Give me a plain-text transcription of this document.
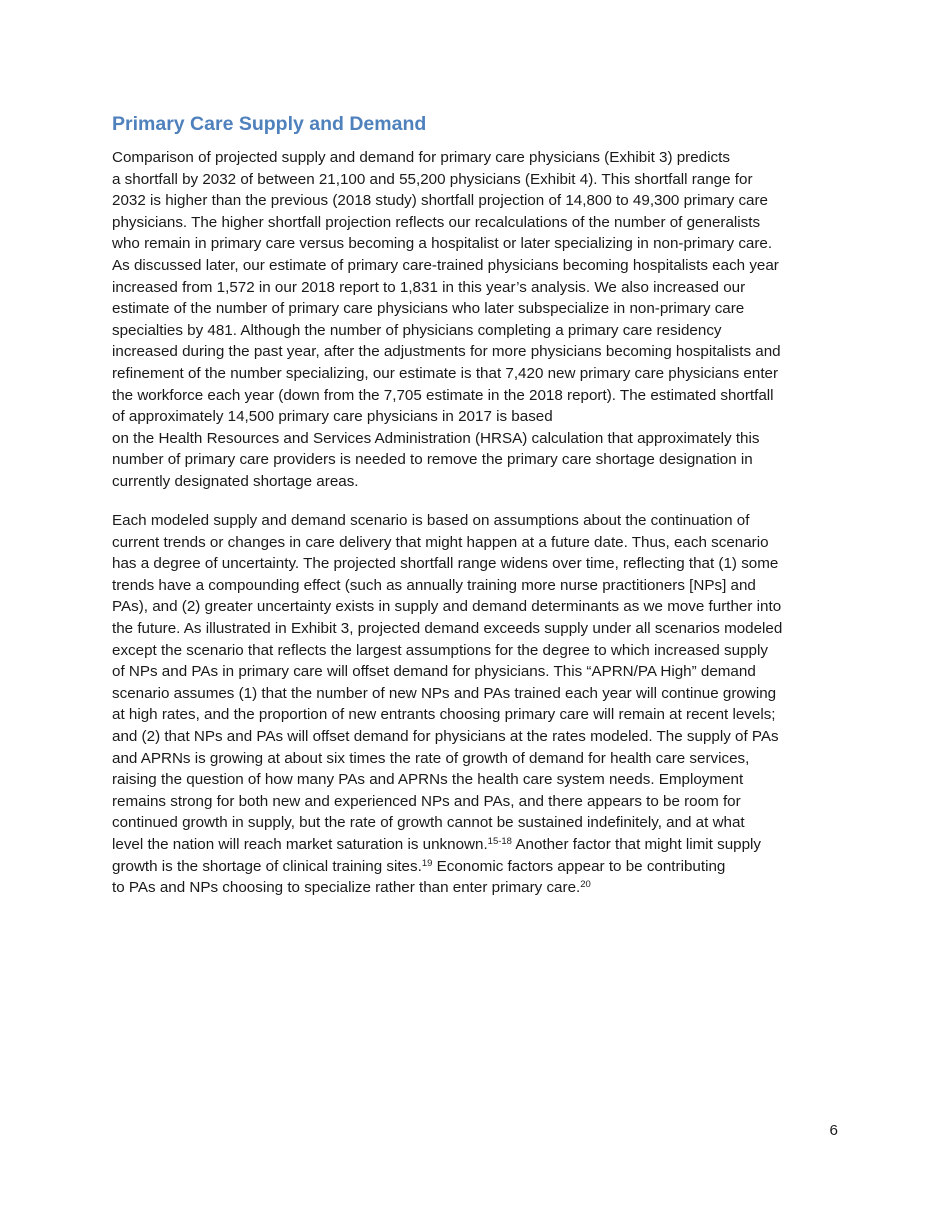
Primary Care Supply and Demand

Comparison of projected supply and demand for primary care physicians (Exhibit 3) predicts
a shortfall by 2032 of between 21,100 and 55,200 physicians (Exhibit 4). This shortfall range for
2032 is higher than the previous (2018 study) shortfall projection of 14,800 to 49,300 primary care
physicians. The higher shortfall projection reflects our recalculations of the number of generalists
who remain in primary care versus becoming a hospitalist or later specializing in non-primary care.
As discussed later, our estimate of primary care-trained physicians becoming hospitalists each year
increased from 1,572 in our 2018 report to 1,831 in this year’s analysis. We also increased our
estimate of the number of primary care physicians who later subspecialize in non-primary care
specialties by 481. Although the number of physicians completing a primary care residency
increased during the past year, after the adjustments for more physicians becoming hospitalists and
refinement of the number specializing, our estimate is that 7,420 new primary care physicians enter
the workforce each year (down from the 7,705 estimate in the 2018 report). The estimated shortfall
of approximately 14,500 primary care physicians in 2017 is based
on the Health Resources and Services Administration (HRSA) calculation that approximately this
number of primary care providers is needed to remove the primary care shortage designation in
currently designated shortage areas.

Each modeled supply and demand scenario is based on assumptions about the continuation of
current trends or changes in care delivery that might happen at a future date. Thus, each scenario
has a degree of uncertainty. The projected shortfall range widens over time, reflecting that (1) some
trends have a compounding effect (such as annually training more nurse practitioners [NPs] and
PAs), and (2) greater uncertainty exists in supply and demand determinants as we move further into
the future. As illustrated in Exhibit 3, projected demand exceeds supply under all scenarios modeled
except the scenario that reflects the largest assumptions for the degree to which increased supply
of NPs and PAs in primary care will offset demand for physicians. This “APRN/PA High” demand
scenario assumes (1) that the number of new NPs and PAs trained each year will continue growing
at high rates, and the proportion of new entrants choosing primary care will remain at recent levels;
and (2) that NPs and PAs will offset demand for physicians at the rates modeled. The supply of PAs
and APRNs is growing at about six times the rate of growth of demand for health care services,
raising the question of how many PAs and APRNs the health care system needs. Employment
remains strong for both new and experienced NPs and PAs, and there appears to be room for
continued growth in supply, but the rate of growth cannot be sustained indefinitely, and at what
level the nation will reach market saturation is unknown.$^{15-18}$ Another factor that might limit supply
growth is the shortage of clinical training sites.$^{19}$ Economic factors appear to be contributing
to PAs and NPs choosing to specialize rather than enter primary care.$^{20}$

6
